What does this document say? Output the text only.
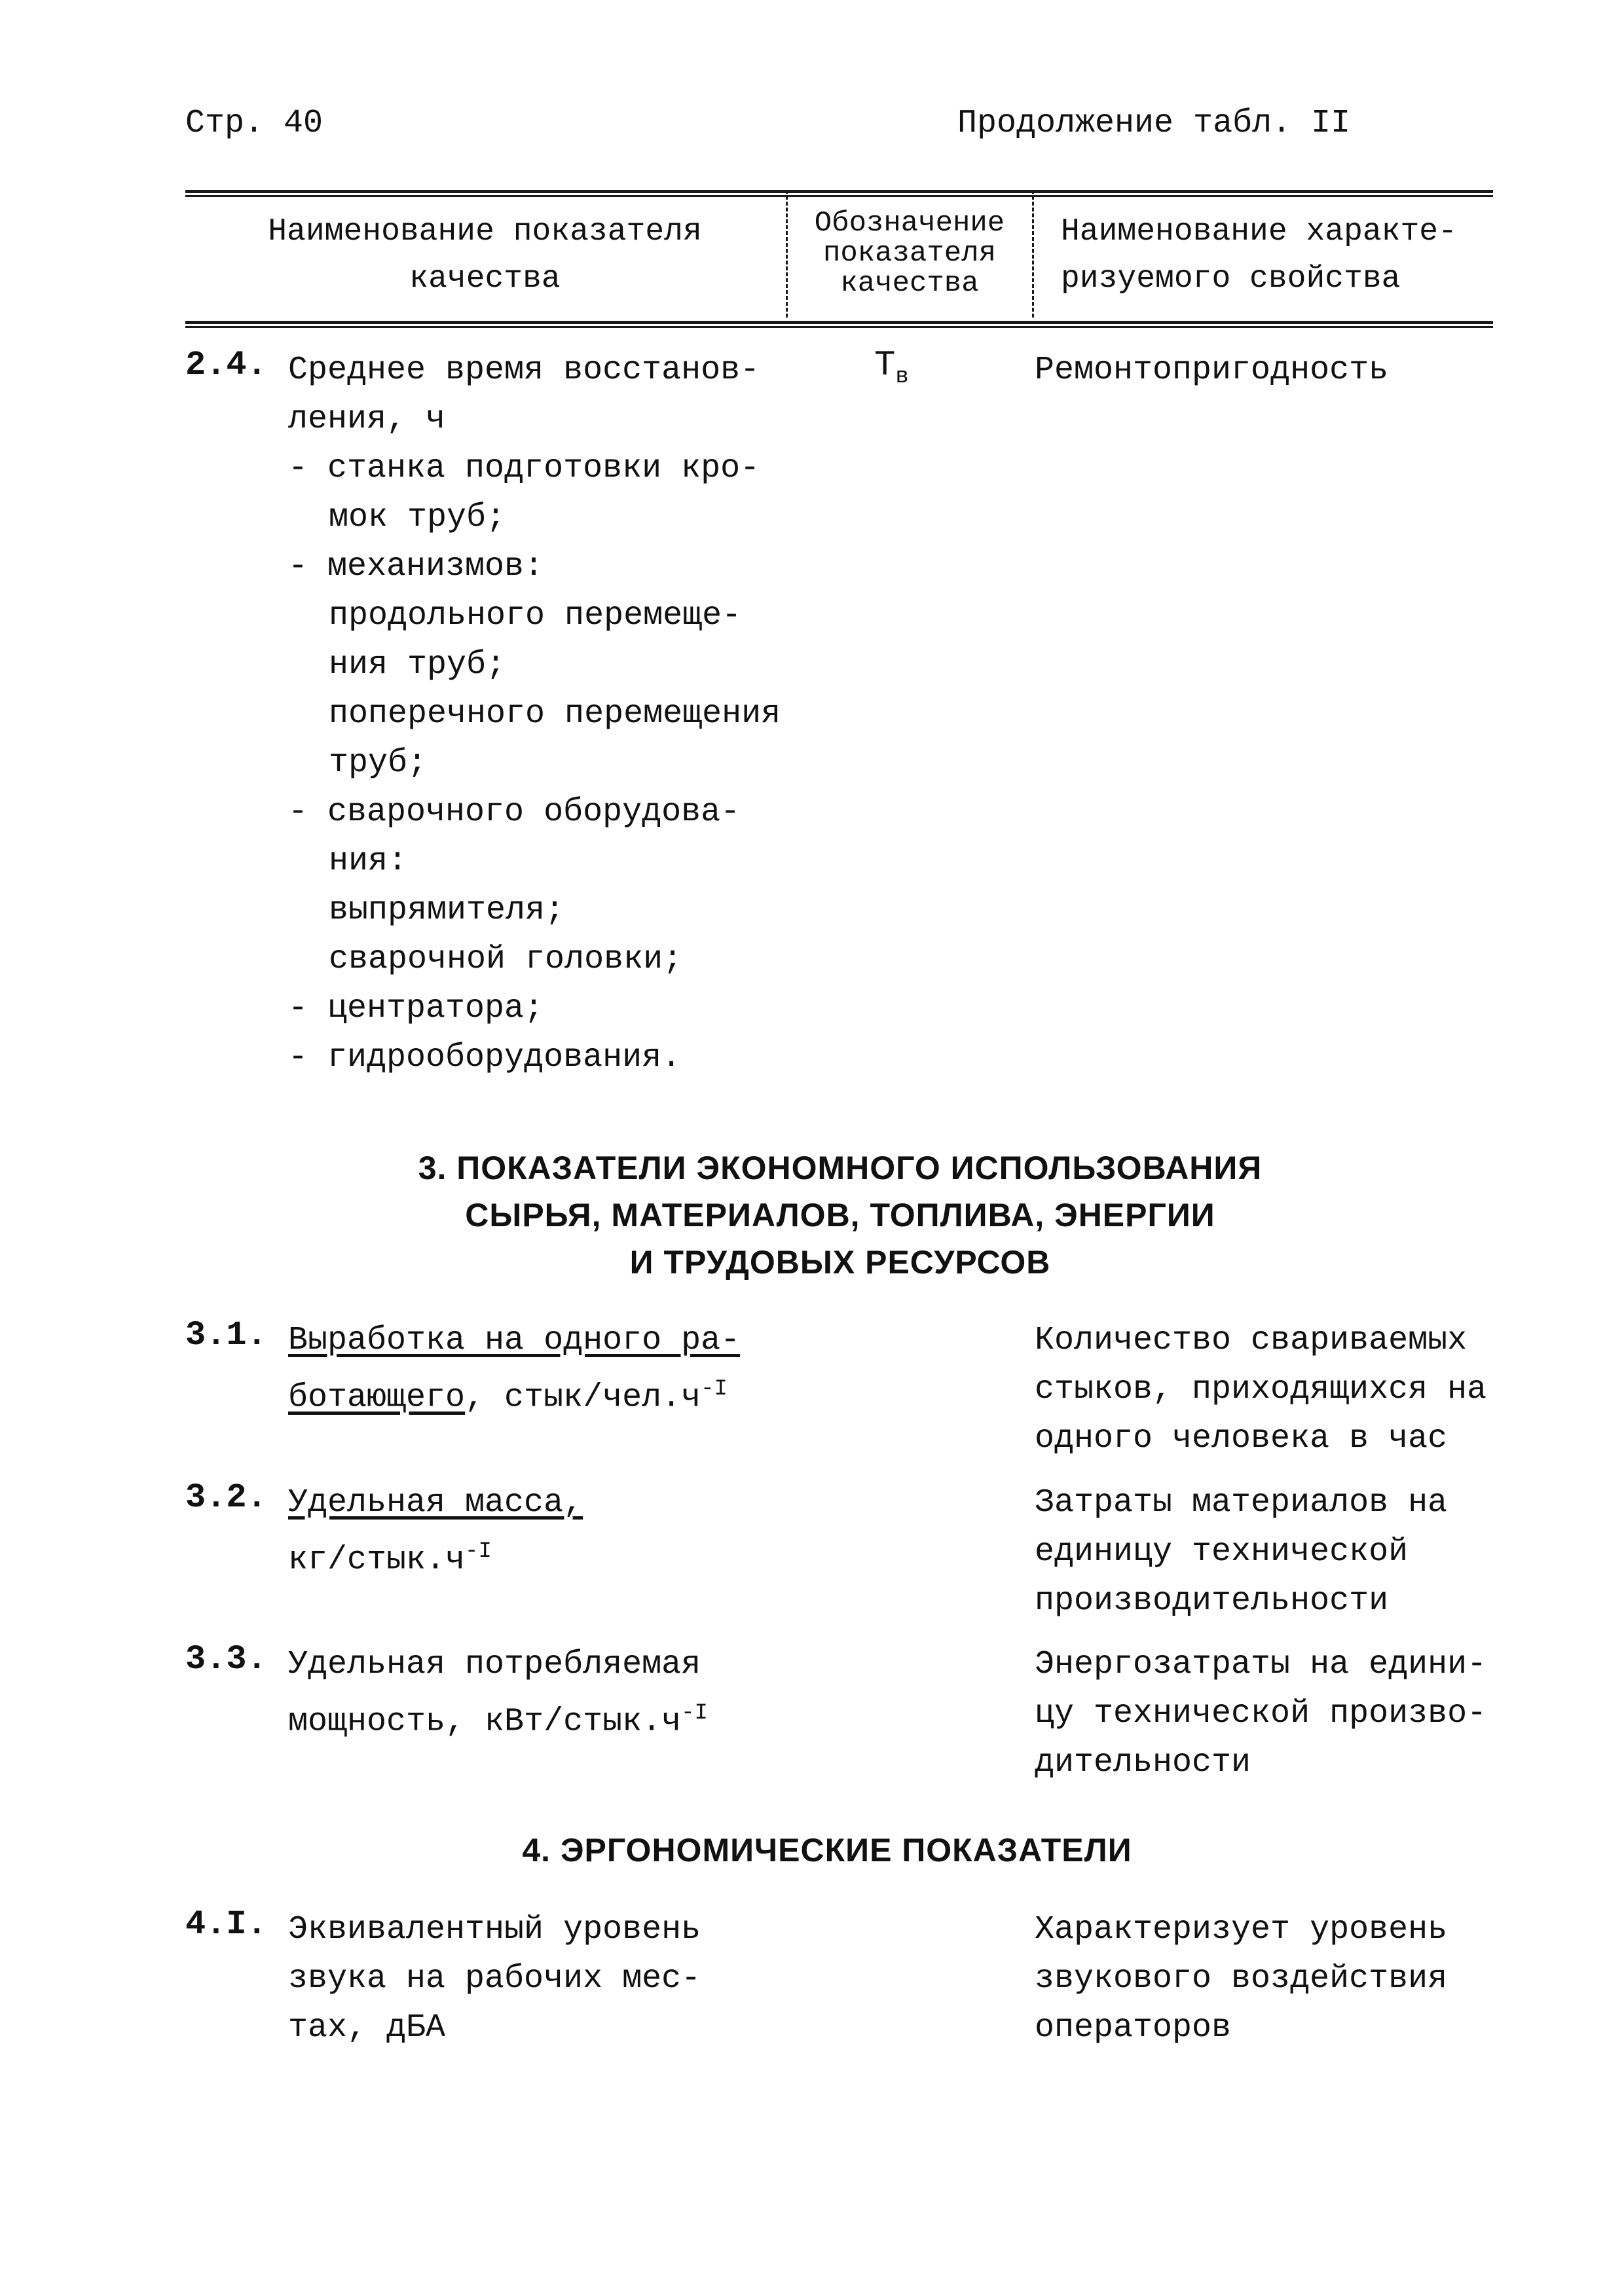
Стр. 40	Продолжение табл. II
Наименование показателя
качества
Обозначение
показателя
качества
Наименование характе-
ризуемого свойства
2.4. Среднее время восстанов-
ления, ч
- станка подготовки кро-
мок труб;
- механизмов:
продольного перемеще-
ния труб;
поперечного перемещения
труб;
- сварочного оборудова-
ния:
выпрямителя;
сварочной головки;
- центратора;
- гидрооборудования.
$T_в$	Ремонтопригодность
3. ПОКАЗАТЕЛИ ЭКОНОМНОГО ИСПОЛЬЗОВАНИЯ
СЫРЬЯ, МАТЕРИАЛОВ, ТОПЛИВА, ЭНЕРГИИ
И ТРУДОВЫХ РЕСУРСОВ
3.1. Выработка на одного ра-
ботающего, стык/$чел.ч^{-I}$
Количество свариваемых
стыков, приходящихся на
одного человека в час
3.2. Удельная масса,
$кг/стык.ч^{-I}$
Затраты материалов на
единицу технической
производительности
3.3. Удельная потребляемая
мощность, кВт/$стык.ч^{-I}$
Энергозатраты на едини-
цу технической произво-
дительности
4. ЭРГОНОМИЧЕСКИЕ ПОКАЗАТЕЛИ
4.I. Эквивалентный уровень
звука на рабочих мес-
тах, дБА
Характеризует уровень
звукового воздействия
операторов
